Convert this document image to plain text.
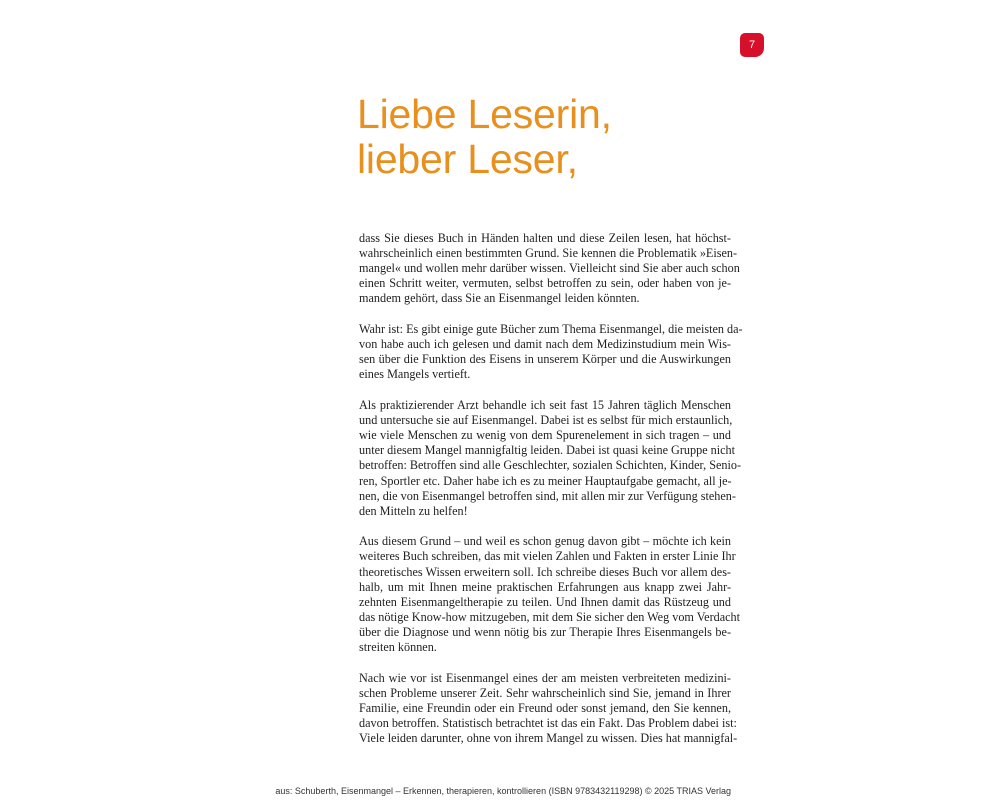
7
Liebe Leserin,
lieber Leser,

dass Sie dieses Buch in Händen halten und diese Zeilen lesen, hat höchst-
wahrscheinlich einen bestimmten Grund. Sie kennen die Problematik »Eisen-
mangel« und wollen mehr darüber wissen. Vielleicht sind Sie aber auch schon
einen Schritt weiter, vermuten, selbst betroffen zu sein, oder haben von je-
mandem gehört, dass Sie an Eisenmangel leiden könnten.

Wahr ist: Es gibt einige gute Bücher zum Thema Eisenmangel, die meisten da-
von habe auch ich gelesen und damit nach dem Medizinstudium mein Wis-
sen über die Funktion des Eisens in unserem Körper und die Auswirkungen
eines Mangels vertieft.

Als praktizierender Arzt behandle ich seit fast 15 Jahren täglich Menschen
und untersuche sie auf Eisenmangel. Dabei ist es selbst für mich erstaunlich,
wie viele Menschen zu wenig von dem Spurenelement in sich tragen – und
unter diesem Mangel mannigfaltig leiden. Dabei ist quasi keine Gruppe nicht
betroffen: Betroffen sind alle Geschlechter, sozialen Schichten, Kinder, Senio-
ren, Sportler etc. Daher habe ich es zu meiner Hauptaufgabe gemacht, all je-
nen, die von Eisenmangel betroffen sind, mit allen mir zur Verfügung stehen-
den Mitteln zu helfen!

Aus diesem Grund – und weil es schon genug davon gibt – möchte ich kein
weiteres Buch schreiben, das mit vielen Zahlen und Fakten in erster Linie Ihr
theoretisches Wissen erweitern soll. Ich schreibe dieses Buch vor allem des-
halb, um mit Ihnen meine praktischen Erfahrungen aus knapp zwei Jahr-
zehnten Eisenmangeltherapie zu teilen. Und Ihnen damit das Rüstzeug und
das nötige Know-how mitzugeben, mit dem Sie sicher den Weg vom Verdacht
über die Diagnose und wenn nötig bis zur Therapie Ihres Eisenmangels be-
streiten können.

Nach wie vor ist Eisenmangel eines der am meisten verbreiteten medizini-
schen Probleme unserer Zeit. Sehr wahrscheinlich sind Sie, jemand in Ihrer
Familie, eine Freundin oder ein Freund oder sonst jemand, den Sie kennen,
davon betroffen. Statistisch betrachtet ist das ein Fakt. Das Problem dabei ist:
Viele leiden darunter, ohne von ihrem Mangel zu wissen. Dies hat mannigfal-

aus: Schuberth, Eisenmangel – Erkennen, therapieren, kontrollieren (ISBN 9783432119298) © 2025 TRIAS Verlag
